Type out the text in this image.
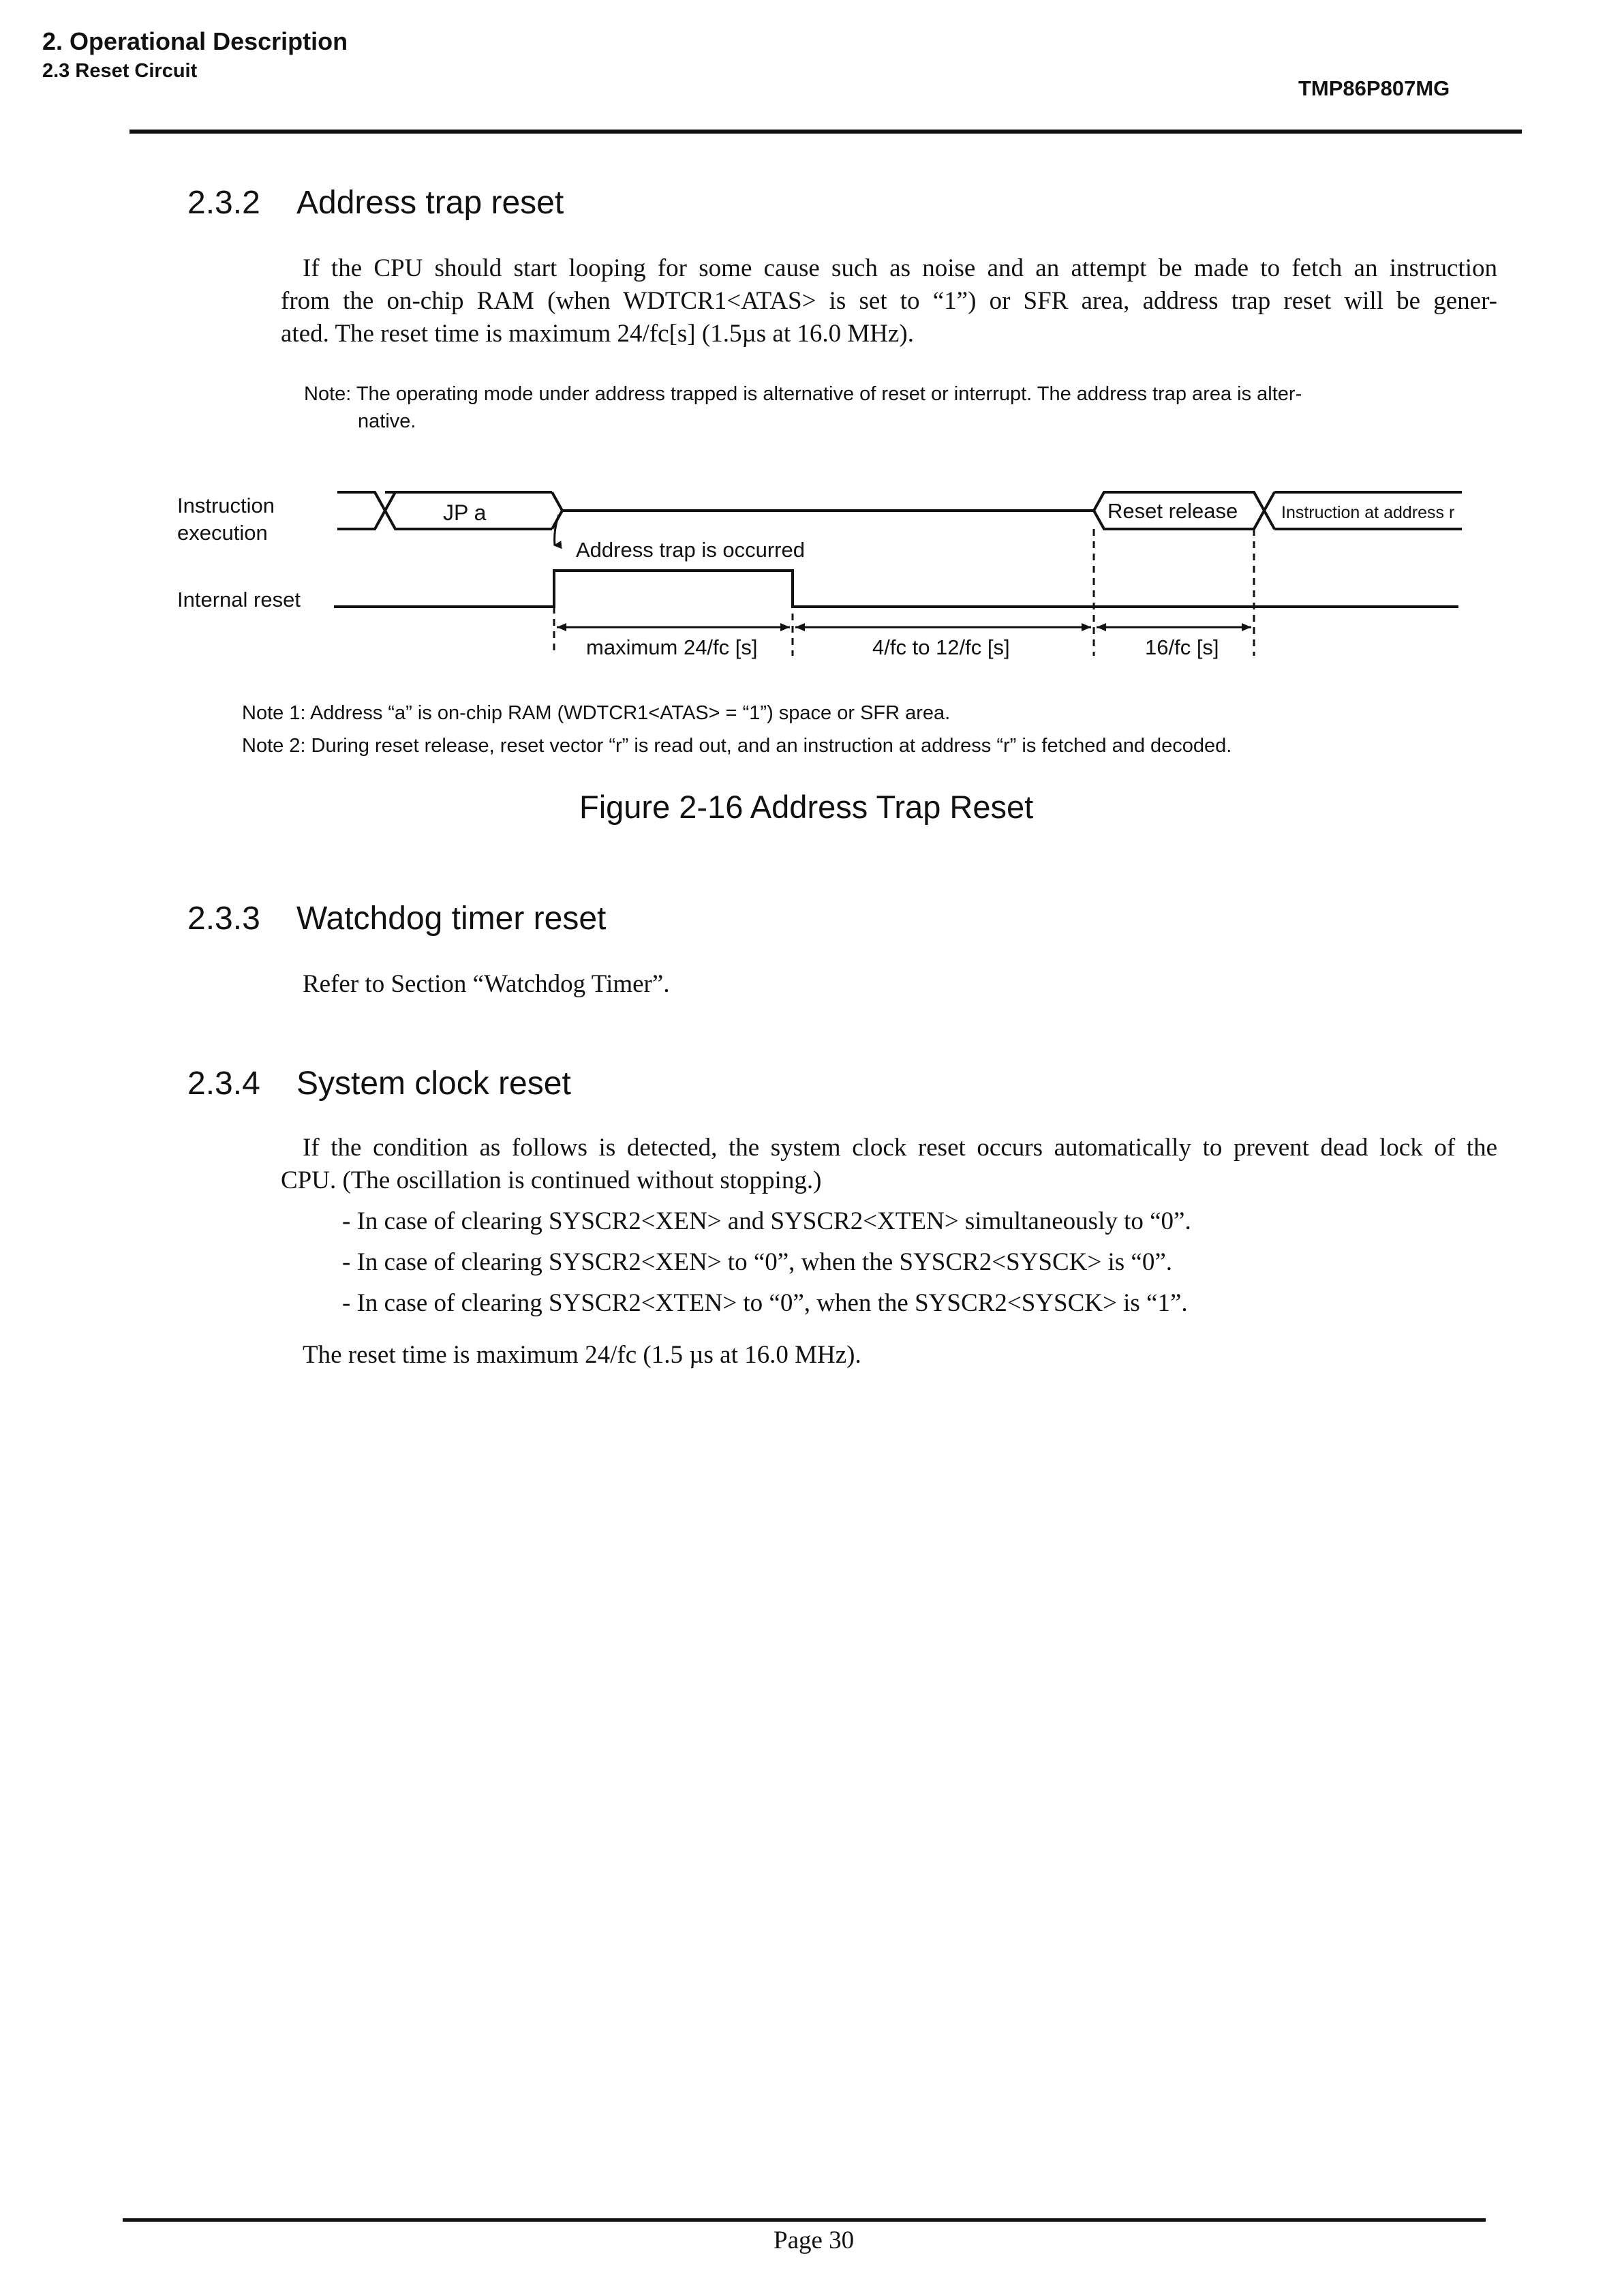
2. Operational Description
2.3 Reset Circuit
TMP86P807MG
2.3.2 Address trap reset
If the CPU should start looping for some cause such as noise and an attempt be made to fetch an instruction
from the on-chip RAM (when WDTCR1<ATAS> is set to “1”) or SFR area, address trap reset will be gener-
ated. The reset time is maximum 24/fc[s] (1.5µs at 16.0 MHz).
Note: The operating mode under address trapped is alternative of reset or interrupt. The address trap area is alter-
native.
Instruction
execution
Internal reset
JP a	Reset release	Instruction at address r
Address trap is occurred
maximum 24/fc [s]	4/fc to 12/fc [s]	16/fc [s]
Note 1: Address “a” is on-chip RAM (WDTCR1<ATAS> = “1”) space or SFR area.
Note 2: During reset release, reset vector “r” is read out, and an instruction at address “r” is fetched and decoded.
Figure 2-16 Address Trap Reset
2.3.3 Watchdog timer reset
Refer to Section “Watchdog Timer”.
2.3.4 System clock reset
If the condition as follows is detected, the system clock reset occurs automatically to prevent dead lock of the
CPU. (The oscillation is continued without stopping.)
- In case of clearing SYSCR2<XEN> and SYSCR2<XTEN> simultaneously to “0”.
- In case of clearing SYSCR2<XEN> to “0”, when the SYSCR2<SYSCK> is “0”.
- In case of clearing SYSCR2<XTEN> to “0”, when the SYSCR2<SYSCK> is “1”.
The reset time is maximum 24/fc (1.5 µs at 16.0 MHz).
Page 30
